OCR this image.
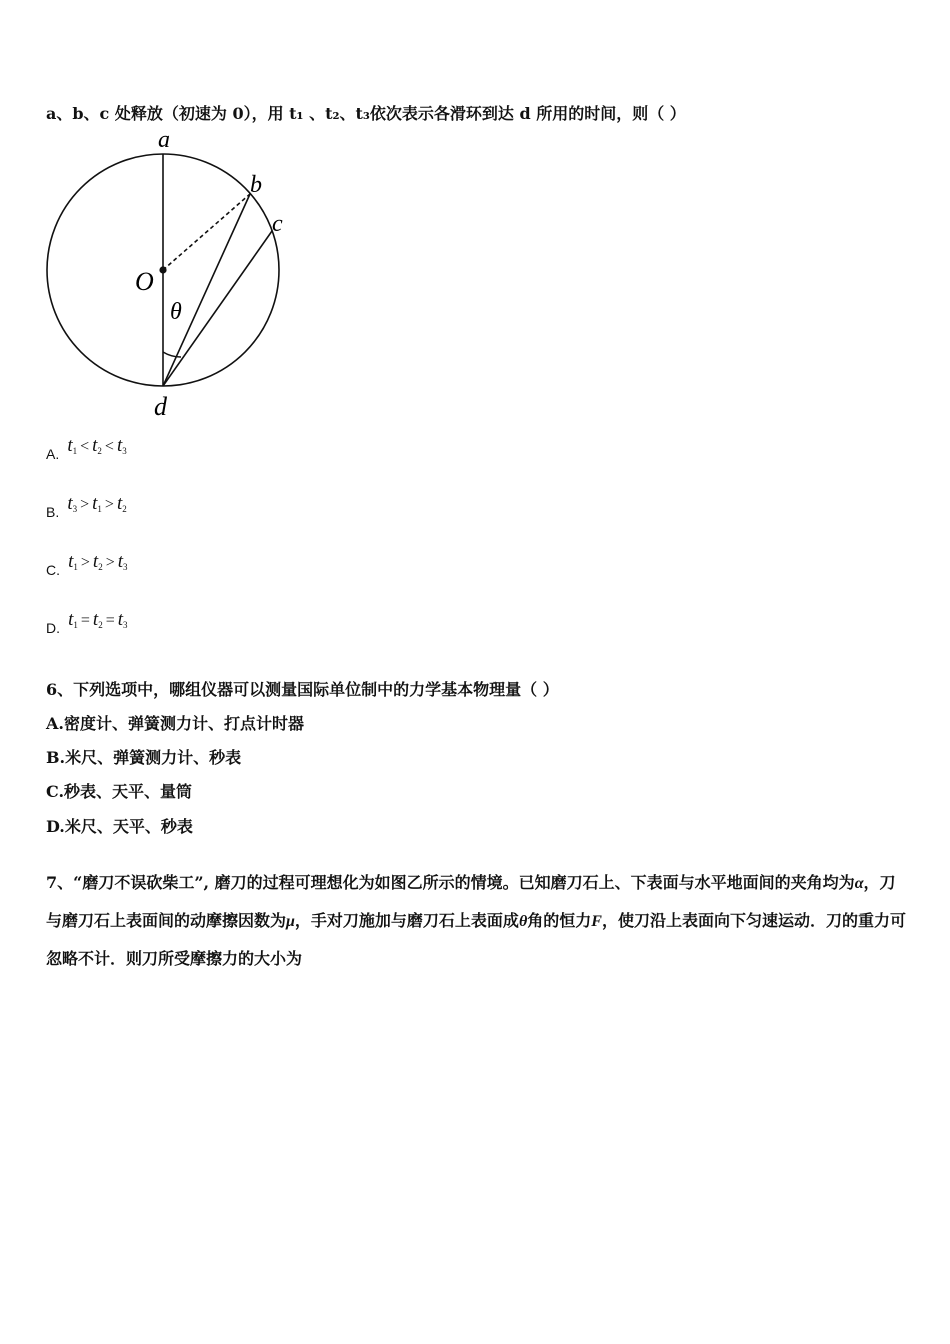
a、b、c 处释放（初速为 0），用 t₁ 、t₂、t₃依次表示各滑环到达 d 所用的时间，则（ ）
a
b
c
O
θ
d
A. $t_1 < t_2 < t_3$
B. $t_3 > t_1 > t_2$
C. $t_1 > t_2 > t_3$
D. $t_1 = t_2 = t_3$
6、下列选项中，哪组仪器可以测量国际单位制中的力学基本物理量（ ）
A.密度计、弹簧测力计、打点计时器
B.米尺、弹簧测力计、秒表
C.秒表、天平、量筒
D.米尺、天平、秒表
7、“磨刀不误砍柴工”, 磨刀的过程可理想化为如图乙所示的情境。已知磨刀石上、下表面与水平地面间的夹角均为α，刀与磨刀石上表面间的动摩擦因数为μ，手对刀施加与磨刀石上表面成θ角的恒力F，使刀沿上表面向下匀速运动．刀的重力可忽略不计．则刀所受摩擦力的大小为
